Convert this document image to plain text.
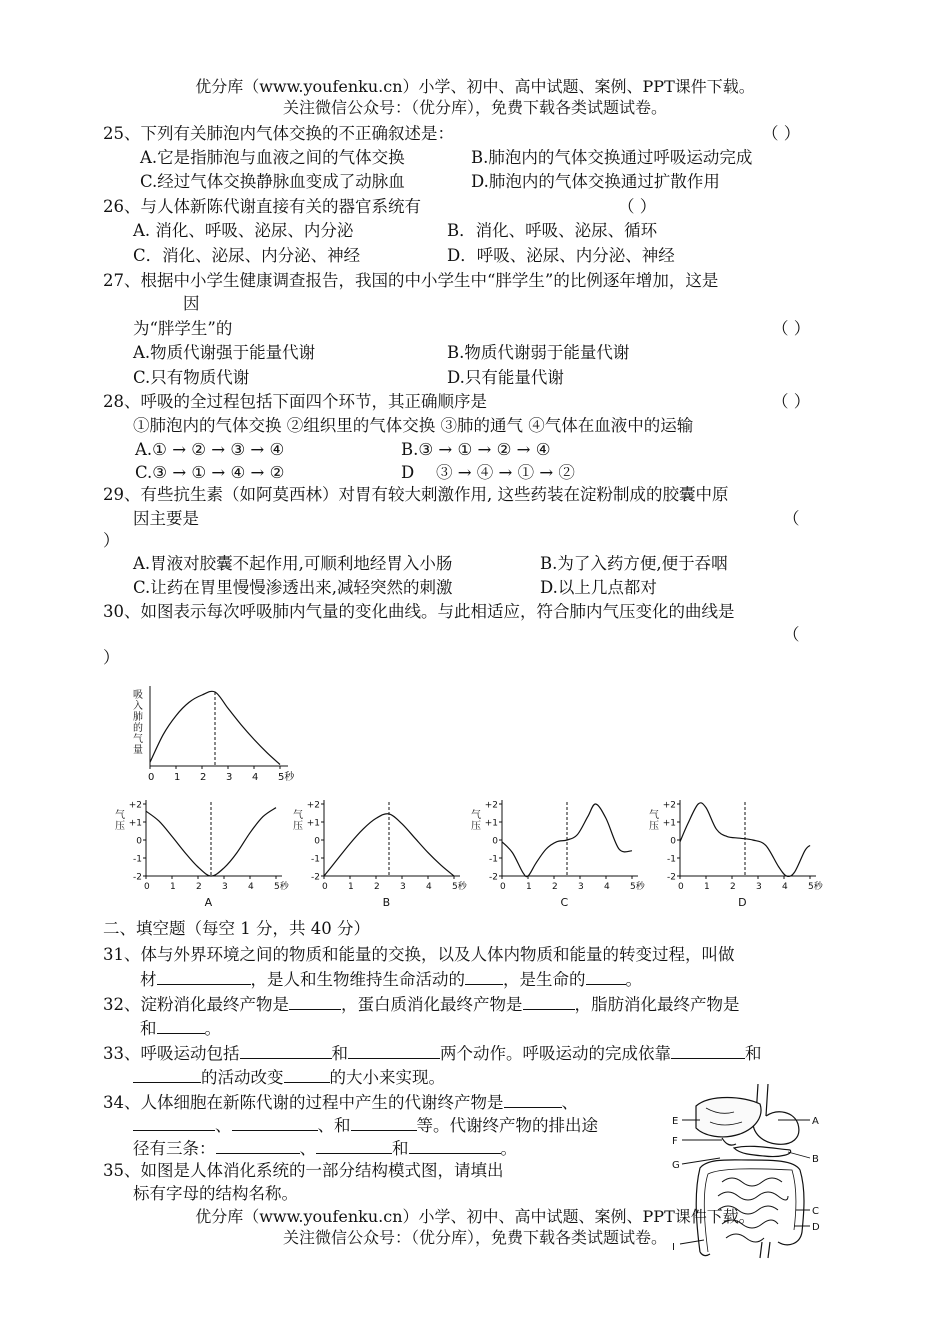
优分库（www.youfenku.cn）小学、初中、高中试题、案例、PPT课件下载。
关注微信公众号：（优分库），免费下载各类试题试卷。
25、下列有关肺泡内气体交换的不正确叙述是：	（ ）
A.它是指肺泡与血液之间的气体交换	B.肺泡内的气体交换通过呼吸运动完成
C.经过气体交换静脉血变成了动脉血	D.肺泡内的气体交换通过扩散作用
26、与人体新陈代谢直接有关的器官系统有	（ ）
A. 消化、呼吸、泌尿、内分泌	B．消化、呼吸、泌尿、循环
C．消化、泌尿、内分泌、神经	D．呼吸、泌尿、内分泌、神经
27、根据中小学生健康调查报告，我国的中小学生中“胖学生”的比例逐年增加，这是
因
为“胖学生”的	（ ）
A.物质代谢强于能量代谢	B.物质代谢弱于能量代谢
C.只有物质代谢	D.只有能量代谢
28、呼吸的全过程包括下面四个环节，其正确顺序是	（ ）
①肺泡内的气体交换 ②组织里的气体交换 ③肺的通气 ④气体在血液中的运输
A.① → ② → ③ → ④	B.③ → ① → ② → ④
C.③ → ① → ④ → ②	D　 ③ → ④ → ① → ②
29、有些抗生素（如阿莫西林）对胃有较大刺激作用, 这些药装在淀粉制成的胶囊中原
因主要是	（
）
A.胃液对胶囊不起作用,可顺利地经胃入小肠	B.为了入药方便,便于吞咽
C.让药在胃里慢慢渗透出来,减轻突然的刺激	D.以上几点都对
30、如图表示每次呼吸肺内气量的变化曲线。与此相适应，符合肺内气压变化的曲线是
（
）
吸入肺的气量
0 1 2 3 4 5秒
气压
+2
+1
0
-1
-2
0 1 2 3 4 5秒
A
气压
+2
+1
0
-1
-2
0 1 2 3 4 5秒
B
气压
+2
+1
0
-1
-2
0 1 2 3 4 5秒
C
气压
+2
+1
0
-1
-2
0 1 2 3 4 5秒
D
二、填空题（每空 1 分，共 40 分）
31、体与外界环境之间的物质和能量的交换，以及人体内物质和能量的转变过程，叫做
材	，是人和生物维持生命活动的 ，是生命的 。
32、淀粉消化最终产物是	，蛋白质消化最终产物是	，脂肪消化最终产物是
和	。
33、呼吸运动包括	和	两个动作。呼吸运动的完成依靠	和
的活动改变	的大小来实现。
34、人体细胞在新陈代谢的过程中产生的代谢终产物是	、
、	、和	等。代谢终产物的排出途
径有三条：	、	和	。
35、如图是人体消化系统的一部分结构模式图，请填出
标有字母的结构名称。
E
F
G
A
B
C
D
I
优分库（www.youfenku.cn）小学、初中、高中试题、案例、PPT课件下载。
关注微信公众号：（优分库），免费下载各类试题试卷。
